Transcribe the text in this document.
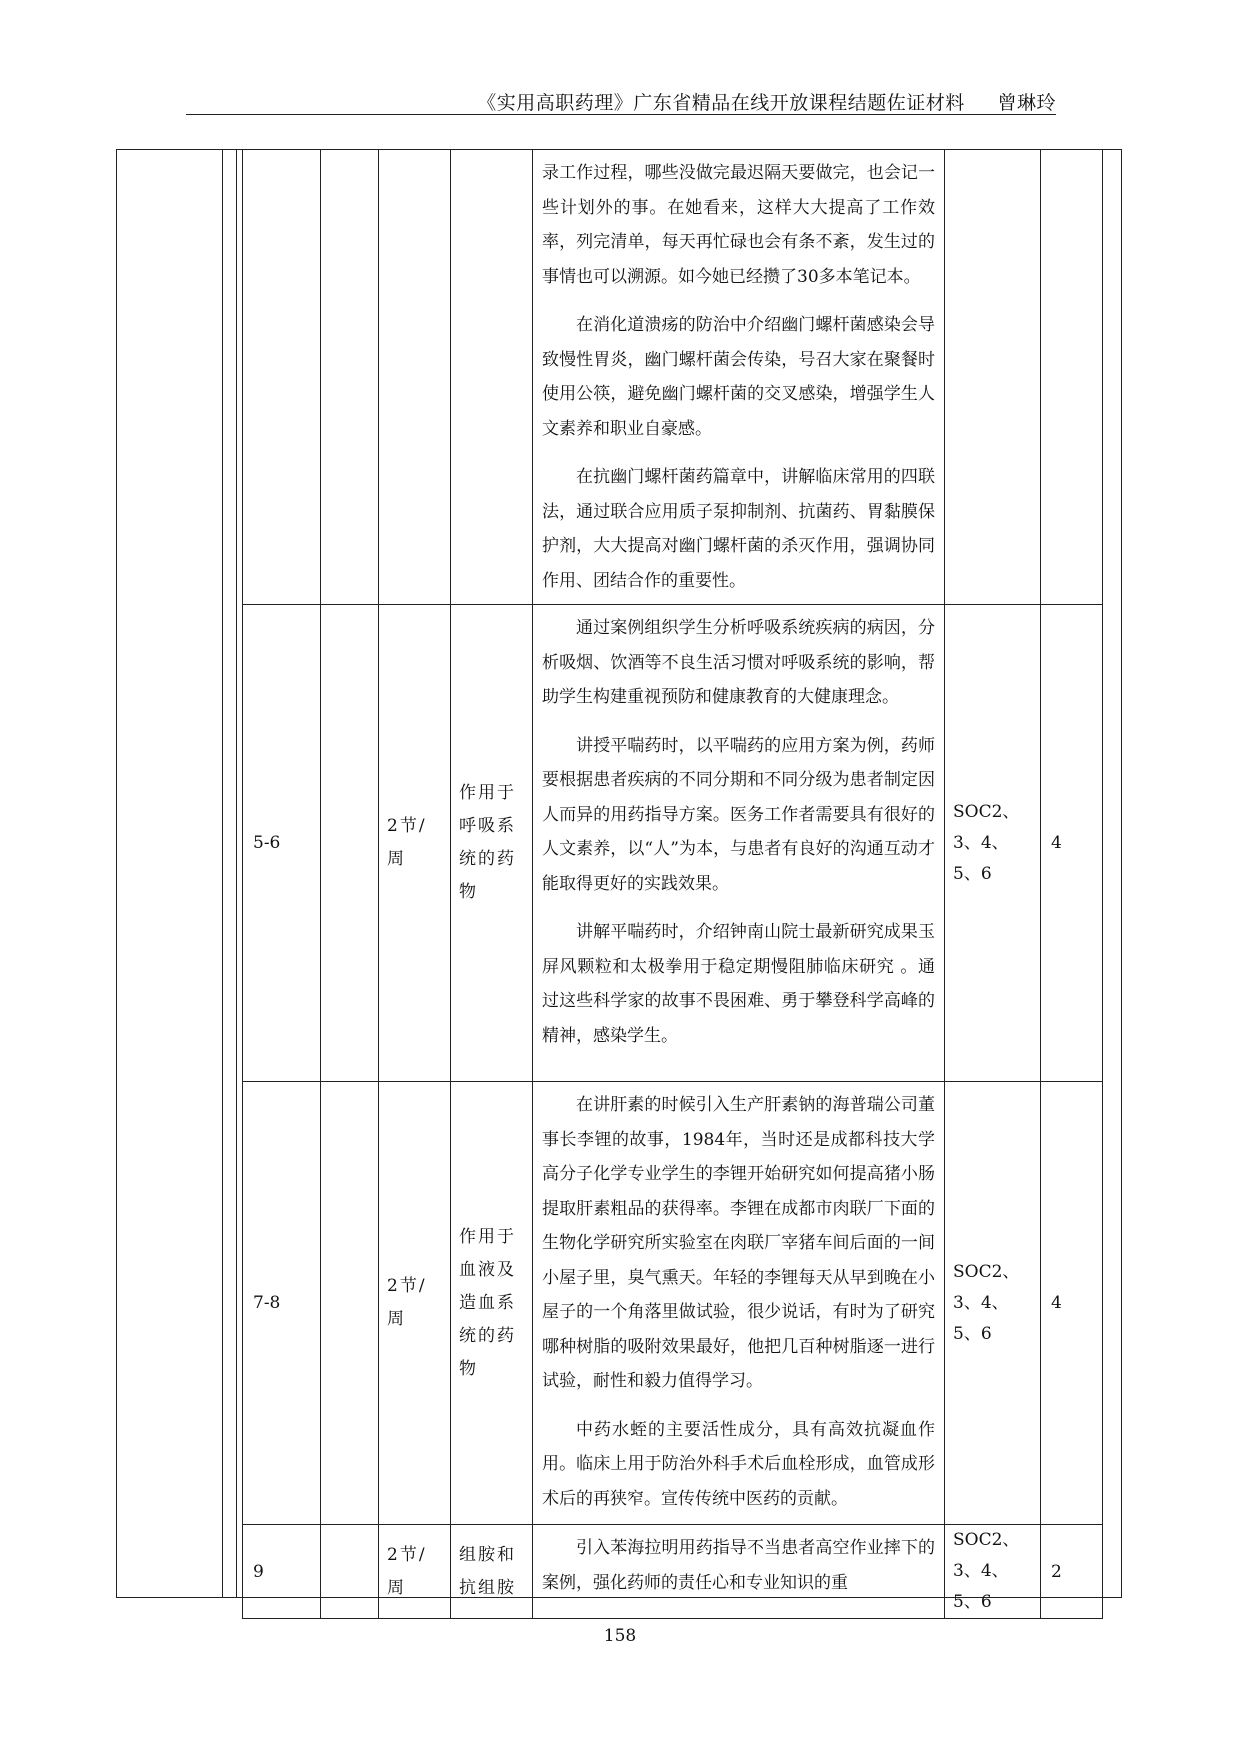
《实用高职药理》广东省精品在线开放课程结题佐证材料 曾琳玲

				录工作过程，哪些没做完最迟隔天要做完，也会记一些计划外的事。在她看来，这样大大提高了工作效率，列完清单，每天再忙碌也会有条不紊，发生过的事情也可以溯源。如今她已经攒了30多本笔记本。

在消化道溃疡的防治中介绍幽门螺杆菌感染会导致慢性胃炎，幽门螺杆菌会传染，号召大家在聚餐时使用公筷，避免幽门螺杆菌的交叉感染，增强学生人文素养和职业自豪感。

在抗幽门螺杆菌药篇章中，讲解临床常用的四联法，通过联合应用质子泵抑制剂、抗菌药、胃黏膜保护剂，大大提高对幽门螺杆菌的杀灭作用，强调协同作用、团结合作的重要性。		

5-6		2节/周	作用于呼吸系统的药物	通过案例组织学生分析呼吸系统疾病的病因，分析吸烟、饮酒等不良生活习惯对呼吸系统的影响，帮助学生构建重视预防和健康教育的大健康理念。

讲授平喘药时，以平喘药的应用方案为例，药师要根据患者疾病的不同分期和不同分级为患者制定因人而异的用药指导方案。医务工作者需要具有很好的人文素养，以“人”为本，与患者有良好的沟通互动才能取得更好的实践效果。

讲解平喘药时，介绍钟南山院士最新研究成果玉屏风颗粒和太极拳用于稳定期慢阻肺临床研究 。通过这些科学家的故事不畏困难、勇于攀登科学高峰的精神，感染学生。	SOC2、3、4、5、6	4
7-8		2节/周	作用于血液及造血系统的药物	在讲肝素的时候引入生产肝素钠的海普瑞公司董事长李锂的故事，1984年，当时还是成都科技大学高分子化学专业学生的李锂开始研究如何提高猪小肠提取肝素粗品的获得率。李锂在成都市肉联厂下面的生物化学研究所实验室在肉联厂宰猪车间后面的一间小屋子里，臭气熏天。年轻的李锂每天从早到晚在小屋子的一个角落里做试验，很少说话，有时为了研究哪种树脂的吸附效果最好，他把几百种树脂逐一进行试验，耐性和毅力值得学习。

中药水蛭的主要活性成分，具有高效抗凝血作用。临床上用于防治外科手术后血栓形成，血管成形术后的再狭窄。宣传传统中医药的贡献。	SOC2、3、4、5、6	4
9		2节/周	组胺和抗组胺	引入苯海拉明用药指导不当患者高空作业摔下的案例，强化药师的责任心和专业知识的重	SOC2、3、4、5、6	2
158
